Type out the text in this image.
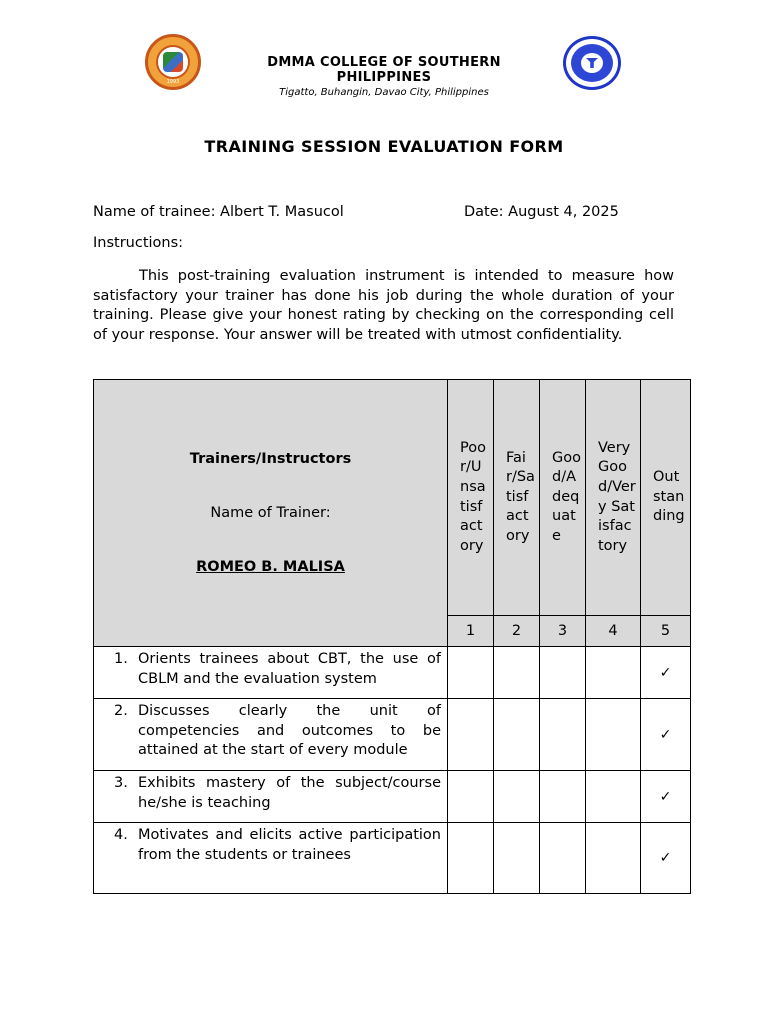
1993
DMMA COLLEGE OF SOUTHERN PHILIPPINES
Tigatto, Buhangin, Davao City, Philippines
TRAINING SESSION EVALUATION FORM
Name of trainee: Albert T. Masucol	Date: August 4, 2025
Instructions:
This post-training evaluation instrument is intended to measure how satisfactory your trainer has done his job during the whole duration of your training. Please give your honest rating by checking on the corresponding cell of your response. Your answer will be treated with utmost confidentiality.
Trainers/Instructors
Name of Trainer:
ROMEO B. MALISA	Poor/Unsatisfactory	Fair/Satisfactory	Good/Adequate	Very Good/Very Satisfactory	Outstanding
	1	2	3	4	5

1. Orients trainees about CBT, the use of CBLM and the evaluation system					✓

2. Discusses clearly the unit of competencies and outcomes to be attained at the start of every module					✓

3. Exhibits mastery of the subject/course he/she is teaching					✓

4. Motivates and elicits active participation from the students or trainees					✓
